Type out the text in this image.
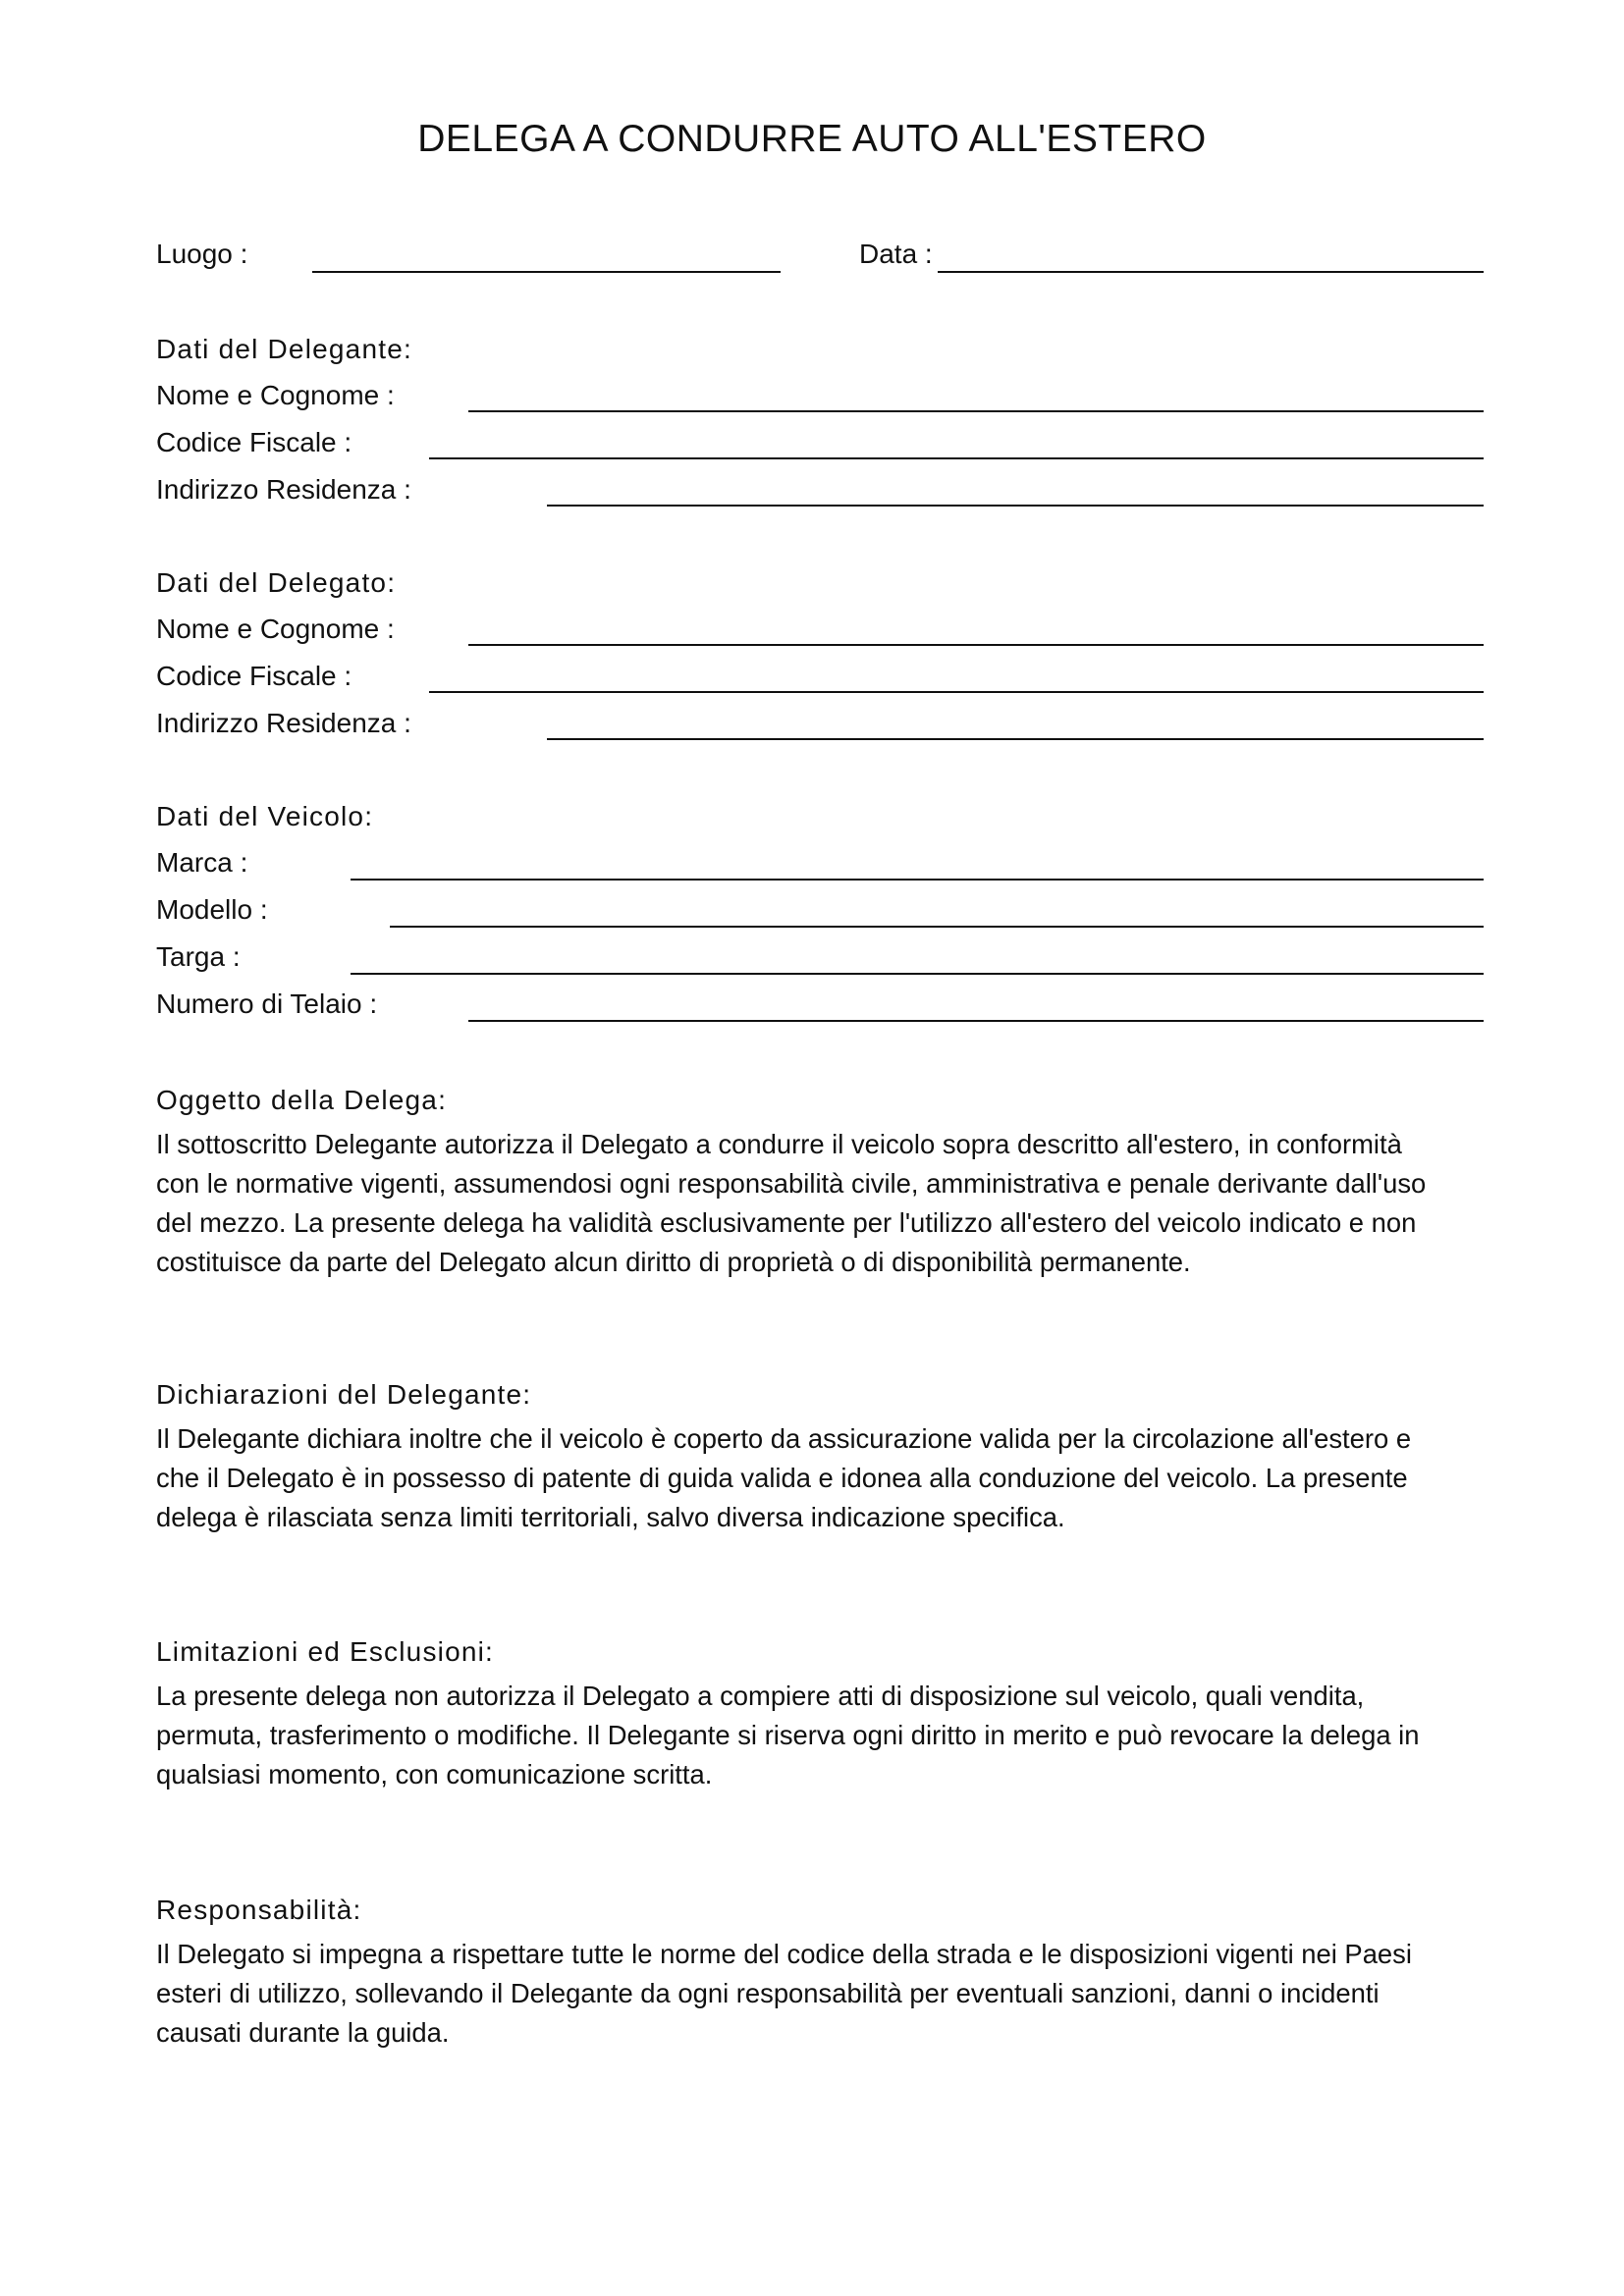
DELEGA A CONDURRE AUTO ALL'ESTERO
Luogo :	Data :
Dati del Delegante:
Nome e Cognome :
Codice Fiscale :
Indirizzo Residenza :
Dati del Delegato:
Nome e Cognome :
Codice Fiscale :
Indirizzo Residenza :
Dati del Veicolo:
Marca :
Modello :
Targa :
Numero di Telaio :
Oggetto della Delega:
Il sottoscritto Delegante autorizza il Delegato a condurre il veicolo sopra descritto all'estero, in conformità
con le normative vigenti, assumendosi ogni responsabilità civile, amministrativa e penale derivante dall'uso
del mezzo. La presente delega ha validità esclusivamente per l'utilizzo all'estero del veicolo indicato e non
costituisce da parte del Delegato alcun diritto di proprietà o di disponibilità permanente.
Dichiarazioni del Delegante:
Il Delegante dichiara inoltre che il veicolo è coperto da assicurazione valida per la circolazione all'estero e
che il Delegato è in possesso di patente di guida valida e idonea alla conduzione del veicolo. La presente
delega è rilasciata senza limiti territoriali, salvo diversa indicazione specifica.
Limitazioni ed Esclusioni:
La presente delega non autorizza il Delegato a compiere atti di disposizione sul veicolo, quali vendita,
permuta, trasferimento o modifiche. Il Delegante si riserva ogni diritto in merito e può revocare la delega in
qualsiasi momento, con comunicazione scritta.
Responsabilità:
Il Delegato si impegna a rispettare tutte le norme del codice della strada e le disposizioni vigenti nei Paesi
esteri di utilizzo, sollevando il Delegante da ogni responsabilità per eventuali sanzioni, danni o incidenti
causati durante la guida.
